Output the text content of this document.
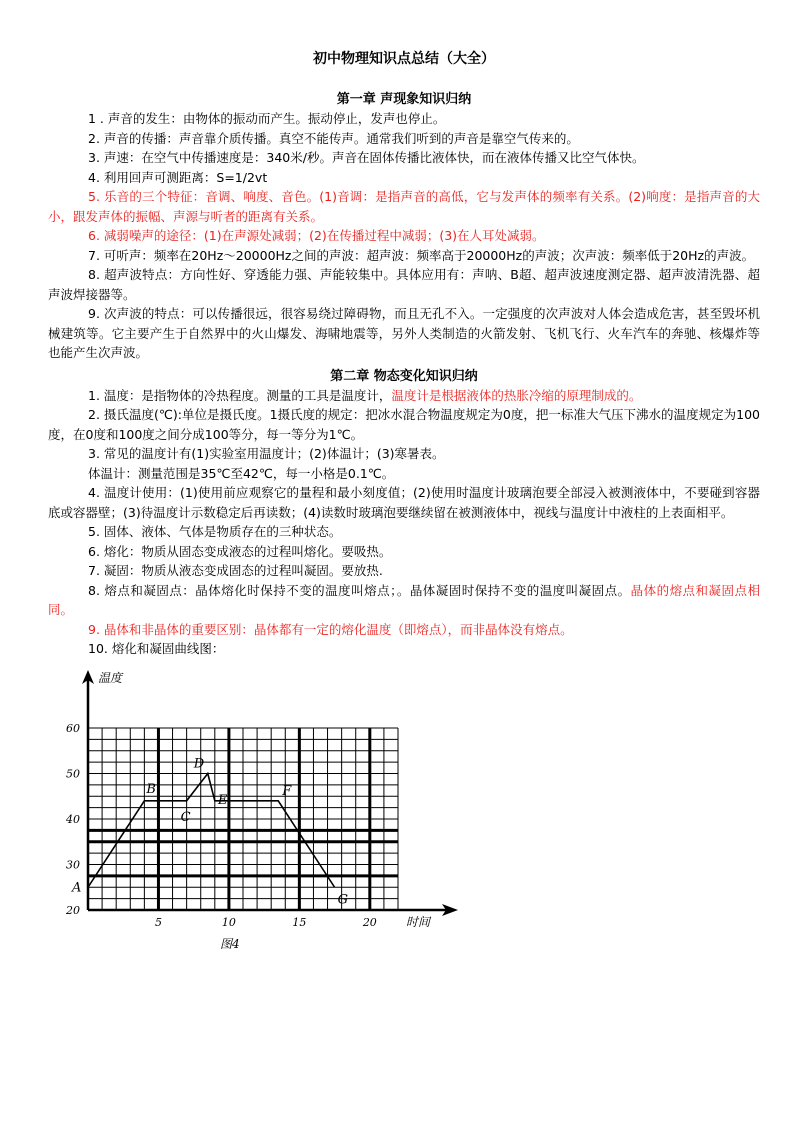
初中物理知识点总结（大全）
第一章 声现象知识归纳

1 . 声音的发生：由物体的振动而产生。振动停止，发声也停止。

2. 声音的传播：声音靠介质传播。真空不能传声。通常我们听到的声音是靠空气传来的。

3. 声速：在空气中传播速度是：340米/秒。声音在固体传播比液体快，而在液体传播又比空气体快。

4. 利用回声可测距离：S=1/2vt

5. 乐音的三个特征：音调、响度、音色。(1)音调：是指声音的高低，它与发声体的频率有关系。(2)响度：是指声音的大小，跟发声体的振幅、声源与听者的距离有关系。

6. 减弱噪声的途径：(1)在声源处减弱；(2)在传播过程中减弱；(3)在人耳处减弱。

7. 可听声：频率在20Hz～20000Hz之间的声波：超声波：频率高于20000Hz的声波；次声波：频率低于20Hz的声波。

8. 超声波特点：方向性好、穿透能力强、声能较集中。具体应用有：声呐、B超、超声波速度测定器、超声波清洗器、超声波焊接器等。

9. 次声波的特点：可以传播很远，很容易绕过障碍物，而且无孔不入。一定强度的次声波对人体会造成危害，甚至毁坏机械建筑等。它主要产生于自然界中的火山爆发、海啸地震等，另外人类制造的火箭发射、飞机飞行、火车汽车的奔驰、核爆炸等也能产生次声波。

第二章 物态变化知识归纳

1. 温度：是指物体的冷热程度。测量的工具是温度计，温度计是根据液体的热胀冷缩的原理制成的。

2. 摄氏温度(℃):单位是摄氏度。1摄氏度的规定：把冰水混合物温度规定为0度，把一标准大气压下沸水的温度规定为100度，在0度和100度之间分成100等分，每一等分为1℃。

3. 常见的温度计有(1)实验室用温度计；(2)体温计；(3)寒暑表。

体温计：测量范围是35℃至42℃，每一小格是0.1℃。

4. 温度计使用：(1)使用前应观察它的量程和最小刻度值；(2)使用时温度计玻璃泡要全部浸入被测液体中，不要碰到容器底或容器壁；(3)待温度计示数稳定后再读数；(4)读数时玻璃泡要继续留在被测液体中，视线与温度计中液柱的上表面相平。

5. 固体、液体、气体是物质存在的三种状态。

6. 熔化：物质从固态变成液态的过程叫熔化。要吸热。

7. 凝固：物质从液态变成固态的过程叫凝固。要放热.

8. 熔点和凝固点：晶体熔化时保持不变的温度叫熔点；。晶体凝固时保持不变的温度叫凝固点。晶体的熔点和凝固点相同。

9. 晶体和非晶体的重要区别：晶体都有一定的熔化温度（即熔点），而非晶体没有熔点。

10. 熔化和凝固曲线图：

时间
温度
5	10	15	20
20
30
40
50
60
A
B
C
D
E
F
G
图4
